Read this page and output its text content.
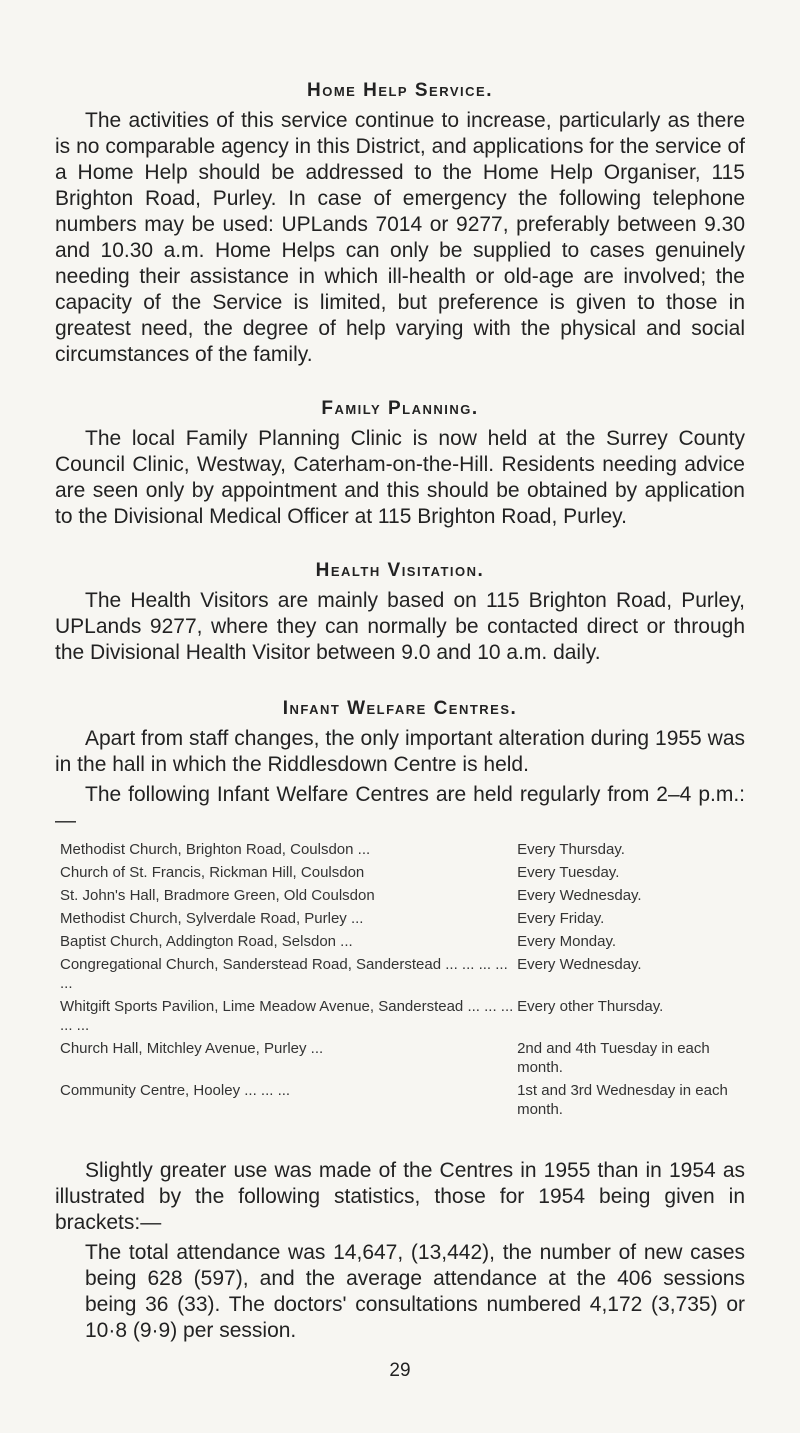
Home Help Service.

The activities of this service continue to increase, particularly as there is no comparable agency in this District, and applications for the service of a Home Help should be addressed to the Home Help Organiser, 115 Brighton Road, Purley. In case of emergency the following telephone numbers may be used: UPLands 7014 or 9277, preferably between 9.30 and 10.30 a.m. Home Helps can only be supplied to cases genuinely needing their assistance in which ill-health or old-age are involved; the capacity of the Service is limited, but preference is given to those in greatest need, the degree of help varying with the physical and social circumstances of the family.

Family Planning.

The local Family Planning Clinic is now held at the Surrey County Council Clinic, Westway, Caterham-on-the-Hill. Residents needing advice are seen only by appointment and this should be obtained by application to the Divisional Medical Officer at 115 Brighton Road, Purley.

Health Visitation.

The Health Visitors are mainly based on 115 Brighton Road, Purley, UPLands 9277, where they can normally be contacted direct or through the Divisional Health Visitor between 9.0 and 10 a.m. daily.

Infant Welfare Centres.

Apart from staff changes, the only important alteration during 1955 was in the hall in which the Riddlesdown Centre is held.

The following Infant Welfare Centres are held regularly from 2–4 p.m.:—

Methodist Church, Brighton Road, Coulsdon ...	Every Thursday.
Church of St. Francis, Rickman Hill, Coulsdon	Every Tuesday.
St. John's Hall, Bradmore Green, Old Coulsdon	Every Wednesday.
Methodist Church, Sylverdale Road, Purley ...	Every Friday.
Baptist Church, Addington Road, Selsdon ...	Every Monday.
Congregational Church, Sanderstead Road, Sanderstead ... ... ... ... ...	Every Wednesday.
Whitgift Sports Pavilion, Lime Meadow Avenue, Sanderstead ... ... ... ... ...	Every other Thursday.
Church Hall, Mitchley Avenue, Purley ...	2nd and 4th Tuesday in each month.
Community Centre, Hooley ... ... ...	1st and 3rd Wednesday in each month.

Slightly greater use was made of the Centres in 1955 than in 1954 as illustrated by the following statistics, those for 1954 being given in brackets:—

The total attendance was 14,647, (13,442), the number of new cases being 628 (597), and the average attendance at the 406 sessions being 36 (33). The doctors' consultations numbered 4,172 (3,735) or 10·8 (9·9) per session.

29
